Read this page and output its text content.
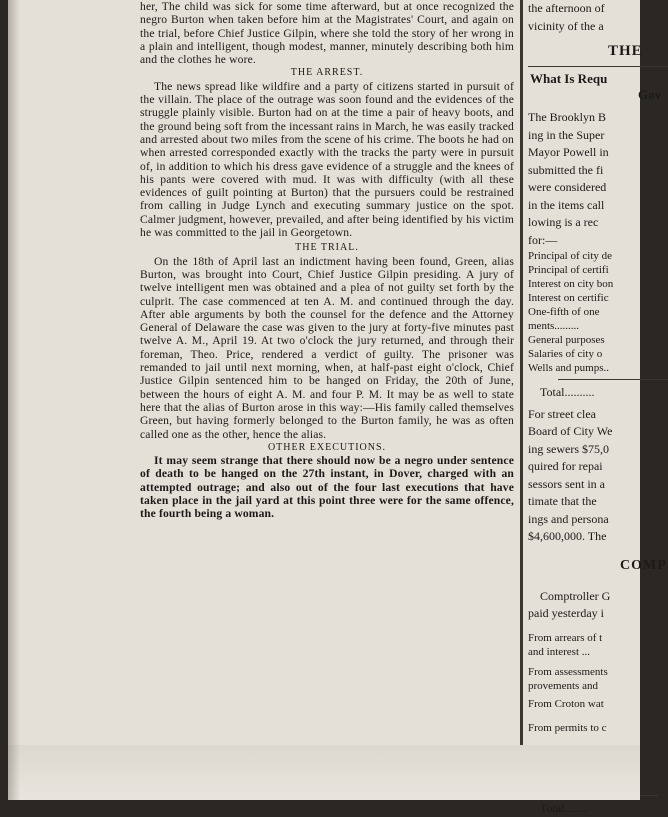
her, The child was sick for some time afterward, but at once recognized the negro Burton when taken before him at the Magistrates' Court, and again on the trial, before Chief Justice Gilpin, where she told the story of her wrong in a plain and intelligent, though modest, manner, minutely describing both him and the clothes he wore.

THE ARREST.

The news spread like wildfire and a party of citizens started in pursuit of the villain. The place of the outrage was soon found and the evidences of the struggle plainly visible. Burton had on at the time a pair of heavy boots, and the ground being soft from the incessant rains in March, he was easily tracked and arrested about two miles from the scene of his crime. The boots he had on when arrested corresponded exactly with the tracks the party were in pursuit of, in addition to which his dress gave evidence of a struggle and the knees of his pants were covered with mud. It was with difficulty (with all these evidences of guilt pointing at Burton) that the pursuers could be restrained from calling in Judge Lynch and executing summary justice on the spot. Calmer judgment, however, prevailed, and after being identified by his victim he was committed to the jail in Georgetown.

THE TRIAL.

On the 18th of April last an indictment having been found, Green, alias Burton, was brought into Court, Chief Justice Gilpin presiding. A jury of twelve intelligent men was obtained and a plea of not guilty set forth by the culprit. The case commenced at ten A. M. and continued through the day. After able arguments by both the counsel for the defence and the Attorney General of Delaware the case was given to the jury at forty-five minutes past twelve A. M., April 19. At two o'clock the jury returned, and through their foreman, Theo. Price, rendered a verdict of guilty. The prisoner was remanded to jail until next morning, when, at half-past eight o'clock, Chief Justice Gilpin sentenced him to be hanged on Friday, the 20th of June, between the hours of eight A. M. and four P. M. It may be as well to state here that the alias of Burton arose in this way:—His family called themselves Green, but having formerly belonged to the Burton family, he was as often called one as the other, hence the alias.

OTHER EXECUTIONS.

It may seem strange that there should now be a negro under sentence of death to be hanged on the 27th instant, in Dover, charged with an attempted outrage; and also out of the four last executions that have taken place in the jail yard at this point three were for the same offence, the fourth being a woman.

the afternoon of

vicinity of the a

THE
What Is Requ
Gov

The Brooklyn B

ing in the Super

Mayor Powell in

submitted the fi

were considered

in the items call

lowing is a rec

for:—

Principal of city de

Principal of certifi

Interest on city bon

Interest on certific

One-fifth of one

ments.........

General purposes

Salaries of city o

Wells and pumps..

Total..........

For street clea

Board of City We

ing sewers $75,0

quired for repai

sessors sent in a

timate that the

ings and persona

$4,600,000. The

COMP

Comptroller G

paid yesterday i

From arrears of t

and interest ...

From assessments

provements and

From Croton wat

From permits to c

Total........
